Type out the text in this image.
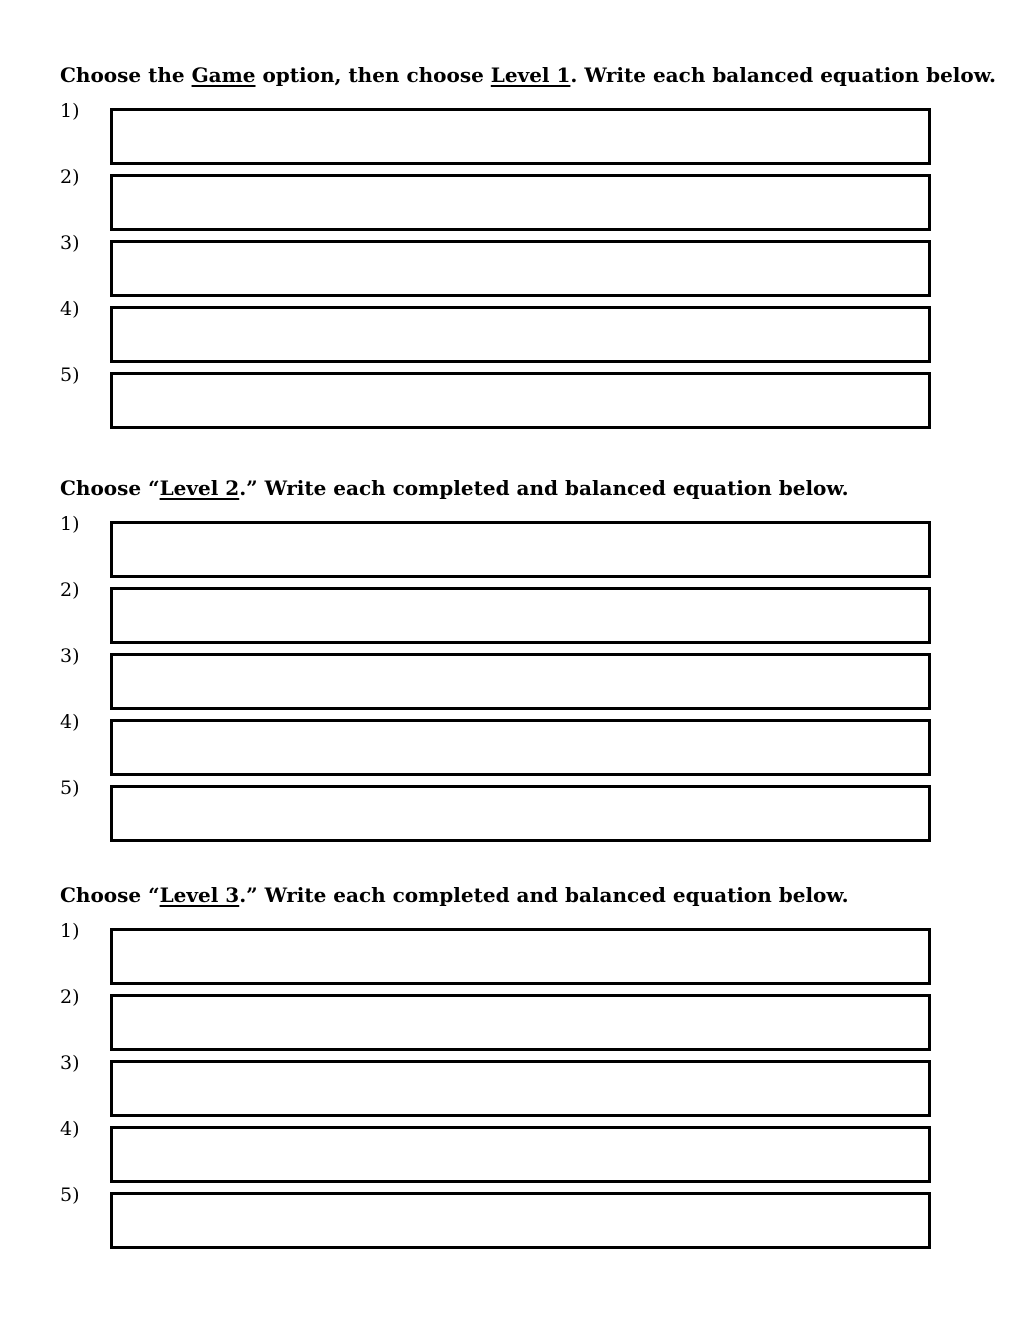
Choose the Game option, then choose Level 1. Write each balanced equation below.

1)
2)
3)
4)
5)

Choose “Level 2.” Write each completed and balanced equation below.

1)
2)
3)
4)
5)

Choose “Level 3.” Write each completed and balanced equation below.

1)
2)
3)
4)
5)
